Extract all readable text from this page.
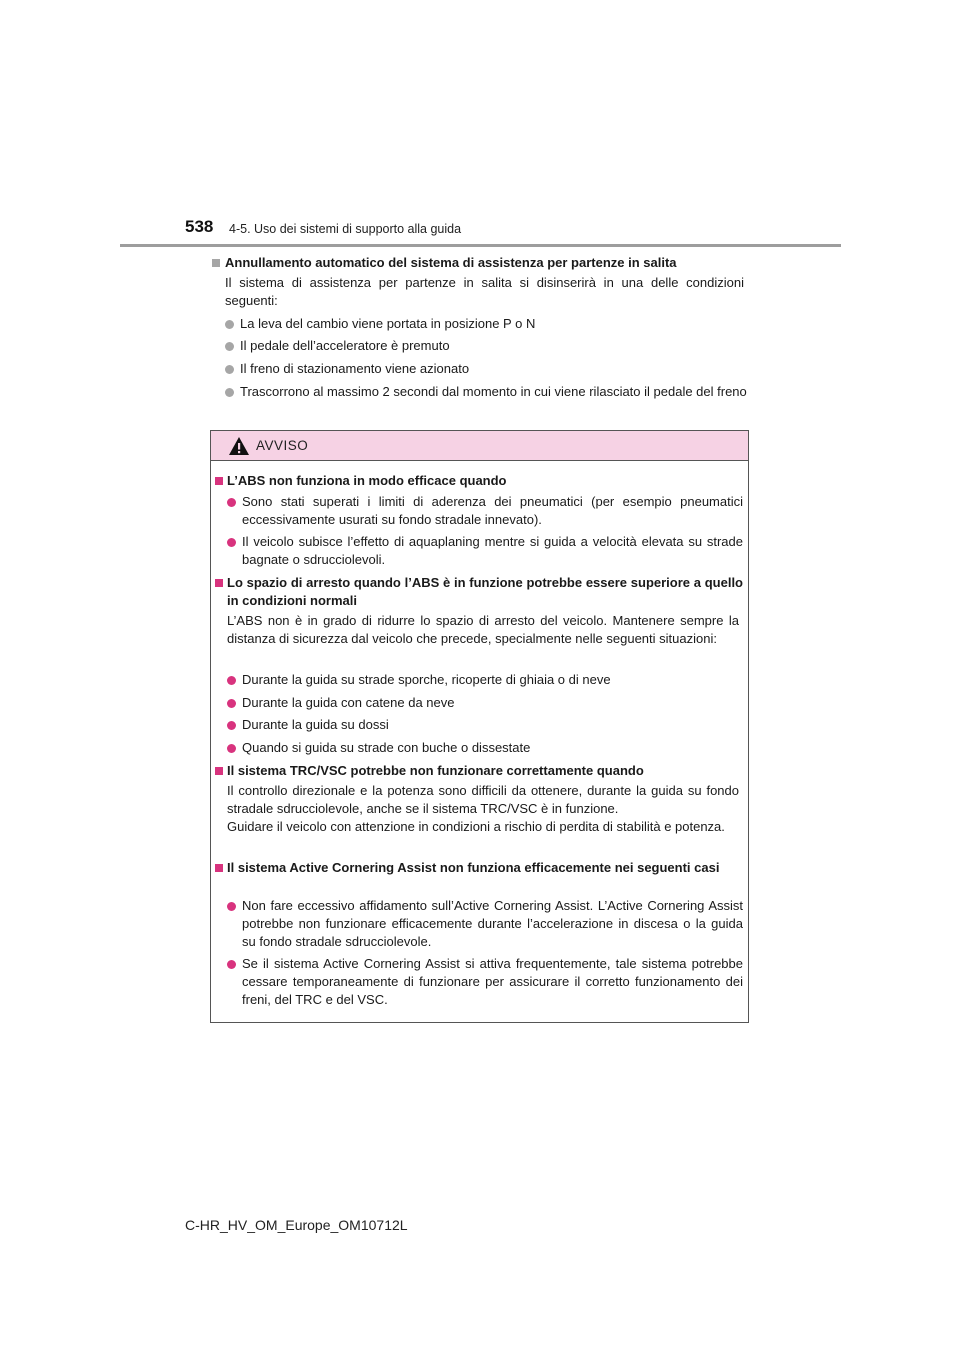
538 4-5. Uso dei sistemi di supporto alla guida
Annullamento automatico del sistema di assistenza per partenze in salita
Il sistema di assistenza per partenze in salita si disinserirà in una delle condizioni seguenti:
La leva del cambio viene portata in posizione P o N
Il pedale dell’acceleratore è premuto
Il freno di stazionamento viene azionato
Trascorrono al massimo 2 secondi dal momento in cui viene rilasciato il pedale del freno
AVVISO
L’ABS non funziona in modo efficace quando
Sono stati superati i limiti di aderenza dei pneumatici (per esempio pneumatici eccessivamente usurati su fondo stradale innevato).
Il veicolo subisce l’effetto di aquaplaning mentre si guida a velocità elevata su strade bagnate o sdrucciolevoli.
Lo spazio di arresto quando l’ABS è in funzione potrebbe essere superiore a quello in condizioni normali
L’ABS non è in grado di ridurre lo spazio di arresto del veicolo. Mantenere sempre la distanza di sicurezza dal veicolo che precede, specialmente nelle seguenti situazioni:
Durante la guida su strade sporche, ricoperte di ghiaia o di neve
Durante la guida con catene da neve
Durante la guida su dossi
Quando si guida su strade con buche o dissestate
Il sistema TRC/VSC potrebbe non funzionare correttamente quando
Il controllo direzionale e la potenza sono difficili da ottenere, durante la guida su fondo stradale sdrucciolevole, anche se il sistema TRC/VSC è in funzione.
Guidare il veicolo con attenzione in condizioni a rischio di perdita di stabilità e potenza.
Il sistema Active Cornering Assist non funziona efficacemente nei seguenti casi
Non fare eccessivo affidamento sull’Active Cornering Assist. L’Active Cornering Assist potrebbe non funzionare efficacemente durante l’accelerazione in discesa o la guida su fondo stradale sdrucciolevole.
Se il sistema Active Cornering Assist si attiva frequentemente, tale sistema potrebbe cessare temporaneamente di funzionare per assicurare il corretto funzionamento dei freni, del TRC e del VSC.
C-HR_HV_OM_Europe_OM10712L
